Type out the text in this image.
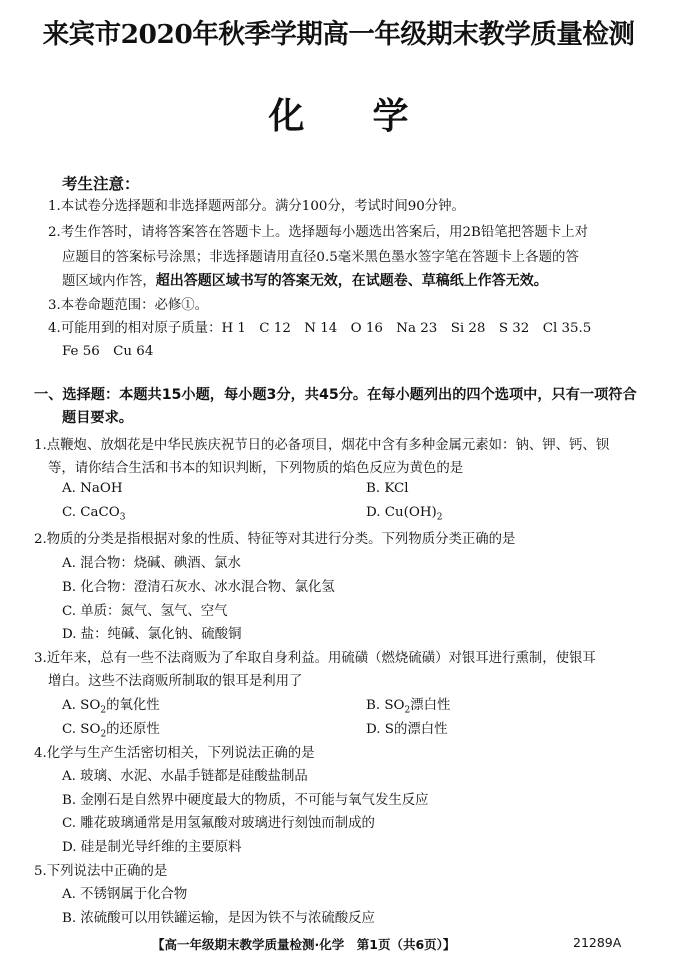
来宾市2020年秋季学期高一年级期末教学质量检测
化 学
考生注意：
1.本试卷分选择题和非选择题两部分。满分100分，考试时间90分钟。
2.考生作答时，请将答案答在答题卡上。选择题每小题选出答案后，用2B铅笔把答题卡上对
应题目的答案标号涂黑；非选择题请用直径0.5毫米黑色墨水签字笔在答题卡上各题的答
题区域内作答，超出答题区域书写的答案无效，在试题卷、草稿纸上作答无效。
3.本卷命题范围：必修①。
4.可能用到的相对原子质量：H 1　C 12　N 14　O 16　Na 23　Si 28　S 32　Cl 35.5
Fe 56　Cu 64
一、选择题：本题共15小题，每小题3分，共45分。在每小题列出的四个选项中，只有一项符合
题目要求。
1.点鞭炮、放烟花是中华民族庆祝节日的必备项目，烟花中含有多种金属元素如：钠、钾、钙、钡
等，请你结合生活和书本的知识判断，下列物质的焰色反应为黄色的是
A. NaOH	B. KCl
C. CaCO$_3$	D. $Cu(OH)_2$
2.物质的分类是指根据对象的性质、特征等对其进行分类。下列物质分类正确的是
A. 混合物：烧碱、碘酒、氯水
B. 化合物：澄清石灰水、冰水混合物、氯化氢
C. 单质：氮气、氢气、空气
D. 盐：纯碱、氯化钠、硫酸铜
3.近年来，总有一些不法商贩为了牟取自身利益。用硫磺（燃烧硫磺）对银耳进行熏制，使银耳
增白。这些不法商贩所制取的银耳是利用了
A. $SO_2$的氧化性	B. $SO_2$漂白性
C. $SO_2$的还原性	D. S的漂白性
4.化学与生产生活密切相关，下列说法正确的是
A. 玻璃、水泥、水晶手链都是硅酸盐制品
B. 金刚石是自然界中硬度最大的物质，不可能与氧气发生反应
C. 雕花玻璃通常是用氢氟酸对玻璃进行刻蚀而制成的
D. 硅是制光导纤维的主要原料
5.下列说法中正确的是
A. 不锈钢属于化合物
B. 浓硫酸可以用铁罐运输，是因为铁不与浓硫酸反应
【高一年级期末教学质量检测·化学　第1页（共6页）】	21289A
